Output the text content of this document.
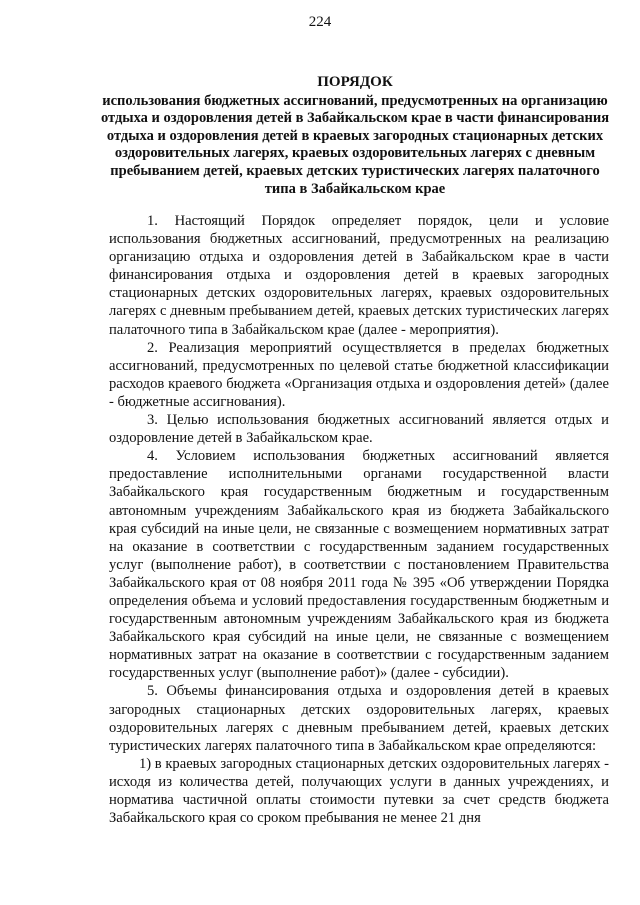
224
ПОРЯДОК
использования бюджетных ассигнований, предусмотренных на организацию отдыха и оздоровления детей в Забайкальском крае в части финансирования отдыха и оздоровления детей в краевых загородных стационарных детских оздоровительных лагерях, краевых оздоровительных лагерях с дневным пребыванием детей, краевых детских туристических лагерях палаточного типа в Забайкальском крае

1. Настоящий Порядок определяет порядок, цели и условие использования бюджетных ассигнований, предусмотренных на реализацию организацию отдыха и оздоровления детей в Забайкальском крае в части финансирования отдыха и оздоровления детей в краевых загородных стационарных детских оздоровительных лагерях, краевых оздоровительных лагерях с дневным пребыванием детей, краевых детских туристических лагерях палаточного типа в Забайкальском крае (далее - мероприятия).

2. Реализация мероприятий осуществляется в пределах бюджетных ассигнований, предусмотренных по целевой статье бюджетной классификации расходов краевого бюджета «Организация отдыха и оздоровления детей» (далее - бюджетные ассигнования).

3. Целью использования бюджетных ассигнований является отдых и оздоровление детей в Забайкальском крае.

4. Условием использования бюджетных ассигнований является предоставление исполнительными органами государственной власти Забайкальского края государственным бюджетным и государственным автономным учреждениям Забайкальского края из бюджета Забайкальского края субсидий на иные цели, не связанные с возмещением нормативных затрат на оказание в соответствии с государственным заданием государственных услуг (выполнение работ), в соответствии с постановлением Правительства Забайкальского края от 08 ноября 2011 года № 395 «Об утверждении Порядка определения объема и условий предоставления государственным бюджетным и государственным автономным учреждениям Забайкальского края из бюджета Забайкальского края субсидий на иные цели, не связанные с возмещением нормативных затрат на оказание в соответствии с государственным заданием государственных услуг (выполнение работ)» (далее - субсидии).

5. Объемы финансирования отдыха и оздоровления детей в краевых загородных стационарных детских оздоровительных лагерях, краевых оздоровительных лагерях с дневным пребыванием детей, краевых детских туристических лагерях палаточного типа в Забайкальском крае определяются:

1) в краевых загородных стационарных детских оздоровительных лагерях - исходя из количества детей, получающих услуги в данных учреждениях, и норматива частичной оплаты стоимости путевки за счет средств бюджета Забайкальского края со сроком пребывания не менее 21 дня
